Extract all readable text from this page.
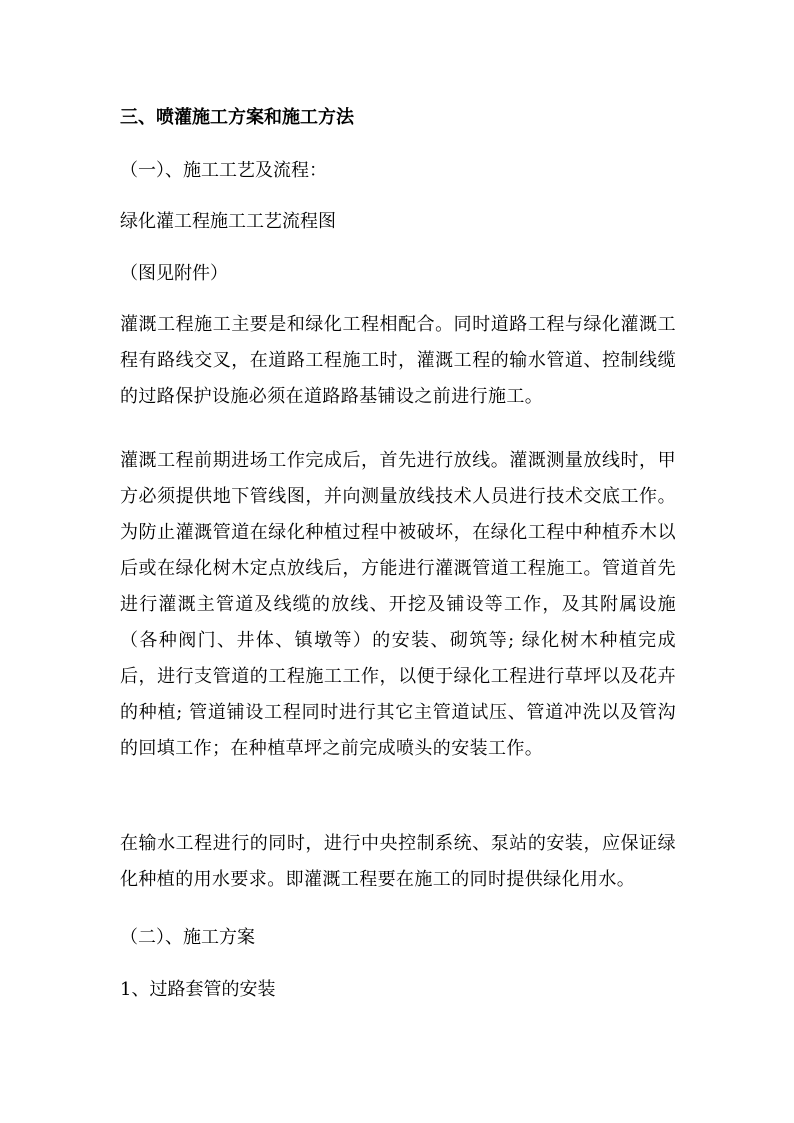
三、喷灌施工方案和施工方法

（一）、施工工艺及流程：

绿化灌工程施工工艺流程图

（图见附件）

灌溉工程施工主要是和绿化工程相配合。同时道路工程与绿化灌溉工程有路线交叉，在道路工程施工时，灌溉工程的输水管道、控制线缆的过路保护设施必须在道路路基铺设之前进行施工。

灌溉工程前期进场工作完成后，首先进行放线。灌溉测量放线时，甲方必须提供地下管线图，并向测量放线技术人员进行技术交底工作。为防止灌溉管道在绿化种植过程中被破坏，在绿化工程中种植乔木以后或在绿化树木定点放线后，方能进行灌溉管道工程施工。管道首先进行灌溉主管道及线缆的放线、开挖及铺设等工作，及其附属设施（各种阀门、井体、镇墩等）的安装、砌筑等; 绿化树木种植完成后，进行支管道的工程施工工作，以便于绿化工程进行草坪以及花卉的种植; 管道铺设工程同时进行其它主管道试压、管道冲洗以及管沟的回填工作；在种植草坪之前完成喷头的安装工作。

在输水工程进行的同时，进行中央控制系统、泵站的安装，应保证绿化种植的用水要求。即灌溉工程要在施工的同时提供绿化用水。

（二）、施工方案

1、过路套管的安装
